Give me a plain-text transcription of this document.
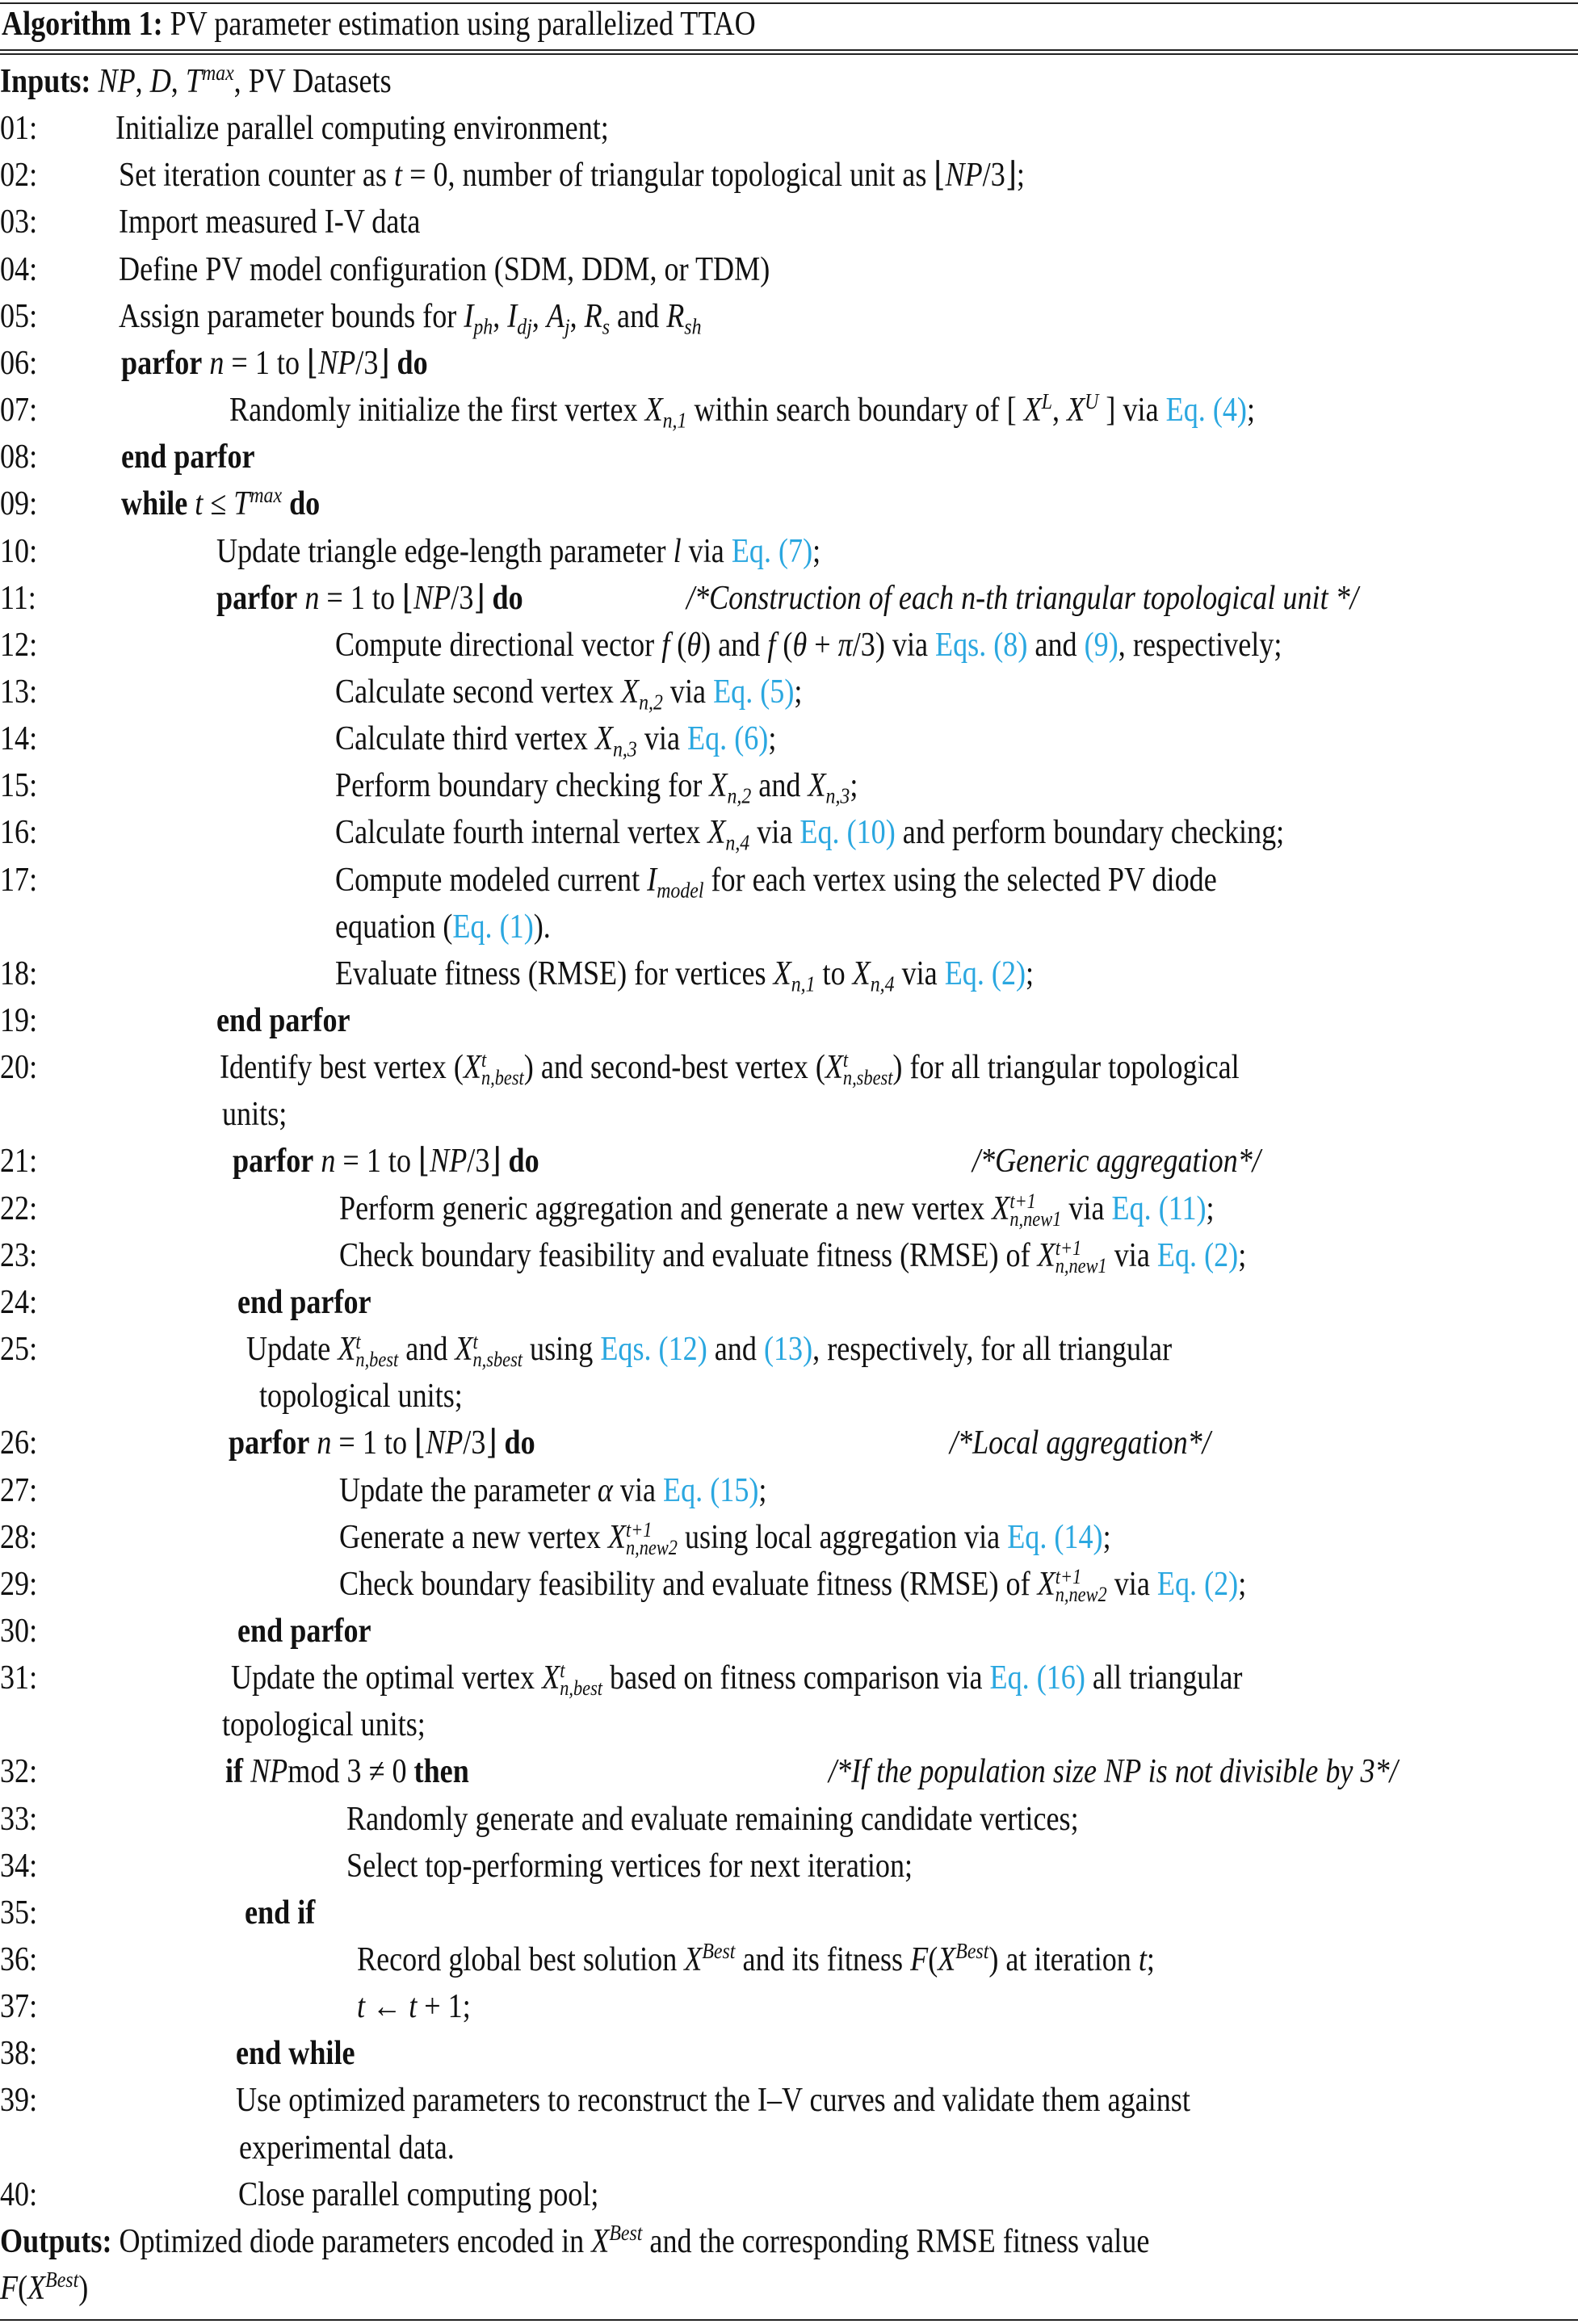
Algorithm 1: PV parameter estimation using parallelized TTAO
Inputs: NP, D, $T^{max}$, PV Datasets
01: Initialize parallel computing environment;
02: Set iteration counter as t = 0, number of triangular topological unit as ⌊NP/3⌋;
03: Import measured I-V data
04: Define PV model configuration (SDM, DDM, or TDM)
05: Assign parameter bounds for $I_{ph}$, $I_{dj}$, $A_j$, $R_s$ and $R_{sh}$
06: parfor n = 1 to ⌊NP/3⌋ do
07:	Randomly initialize the first vertex $X_{n,1}$ within search boundary of [ $X^L$, $X^U$ ] via Eq. (4);
08: end parfor
09: while $t \le T^{max}$ do
10:	Update triangle edge-length parameter l via Eq. (7);
11:	parfor n = 1 to ⌊NP/3⌋ do	/*Construction of each n-th triangular topological unit */
12:	Compute directional vector f (θ) and f (θ + π/3) via Eqs. (8) and (9), respectively;
13:	Calculate second vertex $X_{n,2}$ via Eq. (5);
14:	Calculate third vertex $X_{n,3}$ via Eq. (6);
15:	Perform boundary checking for $X_{n,2}$ and $X_{n,3}$;
16:	Calculate fourth internal vertex $X_{n,4}$ via Eq. (10) and perform boundary checking;
17:	Compute modeled current $I_{model}$ for each vertex using the selected PV diode
equation (Eq. (1)).
18:	Evaluate fitness (RMSE) for vertices $X_{n,1}$ to $X_{n,4}$ via Eq. (2);
19:	end parfor
20:	Identify best vertex (X t
n,best ) and second-best vertex (X t
n,sbest ) for all triangular topological
units;
21:	parfor n = 1 to ⌊NP/3⌋ do	/*Generic aggregation*/
22:	Perform generic aggregation and generate a new vertex X t+1
n,new1 via Eq. (11);
23:	Check boundary feasibility and evaluate fitness (RMSE) of X t+1
n,new1 via Eq. (2);
24:	end parfor
25:	Update X t
n,best and X t
n,sbest using Eqs. (12) and (13), respectively, for all triangular
topological units;
26:	parfor n = 1 to ⌊NP/3⌋ do	/*Local aggregation*/
27:	Update the parameter α via Eq. (15);
28:	Generate a new vertex X t+1
n,new2 using local aggregation via Eq. (14);
29:	Check boundary feasibility and evaluate fitness (RMSE) of X t+1
n,new2 via Eq. (2);
30:	end parfor
31:	Update the optimal vertex X t
n,best based on fitness comparison via Eq. (16) all triangular
topological units;
32:	if NPmod 3 ≠ 0 then	/*If the population size NP is not divisible by 3*/
33:	Randomly generate and evaluate remaining candidate vertices;
34:	Select top-performing vertices for next iteration;
35:	end if
36:	Record global best solution $X^{Best}$ and its fitness $F(X^{Best})$ at iteration t;
37:	t ← t + 1;
38:	end while
39:	Use optimized parameters to reconstruct the I–V curves and validate them against
experimental data.
40:	Close parallel computing pool;
Outputs: Optimized diode parameters encoded in $X^{Best}$ and the corresponding RMSE fitness value
$F(X^{Best})$
